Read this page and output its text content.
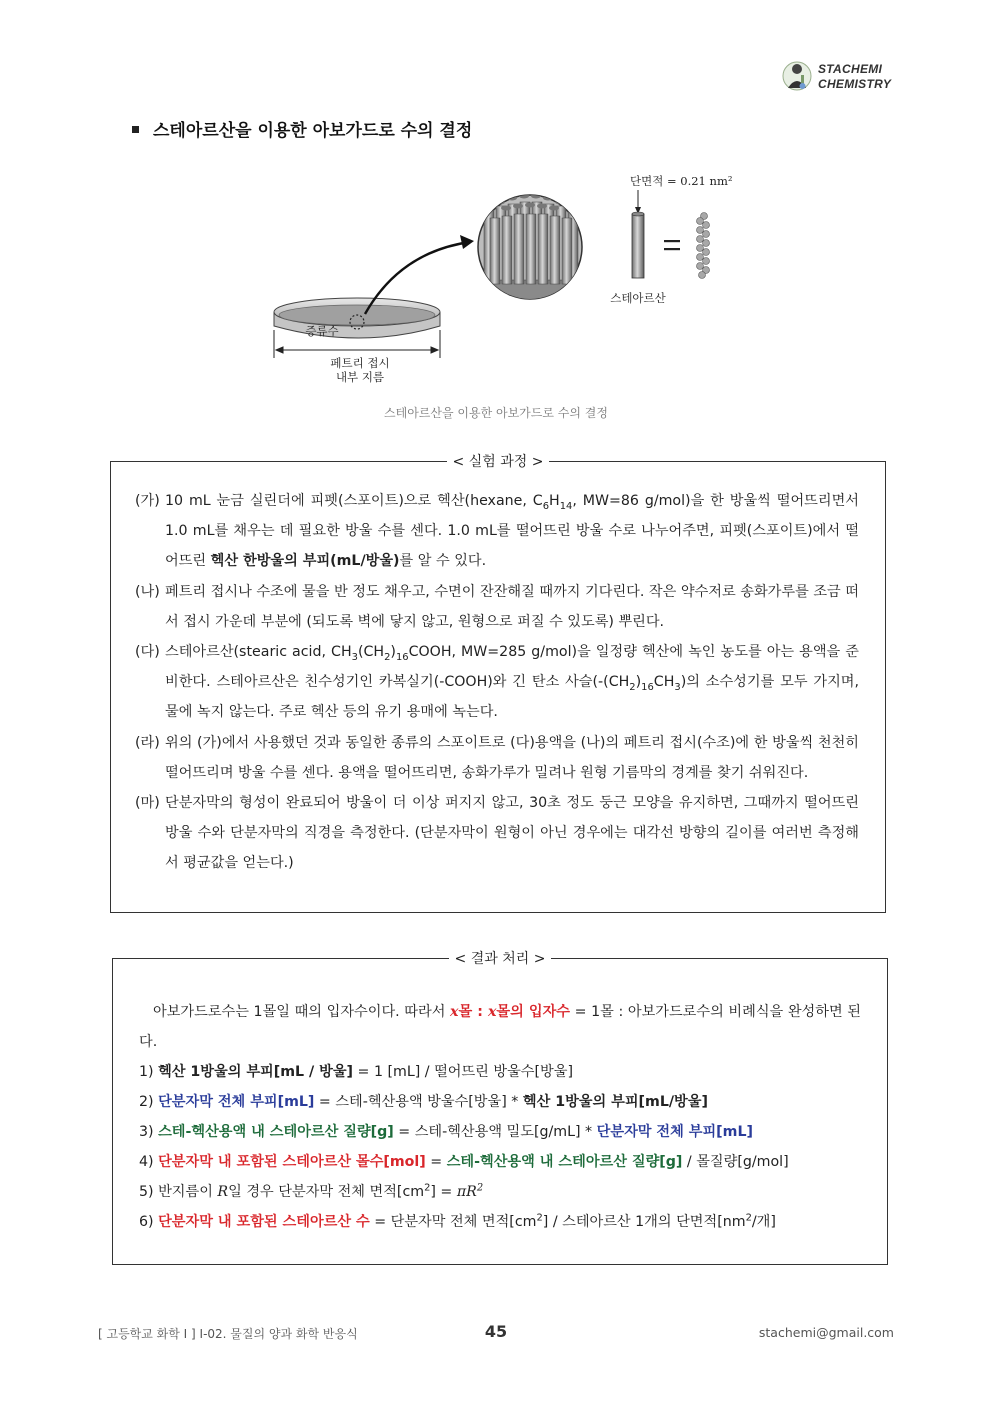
STACHEMI
CHEMISTRY
스테아르산을 이용한 아보가드로 수의 결정
단면적 = 0.21 nm²
스테아르산
증류수
페트리 접시
내부 지름
스테아르산을 이용한 아보가드로 수의 결정
< 실험 과정 >
(가) 10 mL 눈금 실린더에 피펫(스포이트)으로 헥산(hexane, $C_6H_{14}$, MW=86 g/mol)을 한 방울씩 떨어뜨리면서 1.0 mL를 채우는 데 필요한 방울 수를 센다. 1.0 mL를 떨어뜨린 방울 수로 나누어주면, 피펫(스포이트)에서 떨어뜨린 헥산 한방울의 부피(mL/방울)를 알 수 있다.
(나) 페트리 접시나 수조에 물을 반 정도 채우고, 수면이 잔잔해질 때까지 기다린다. 작은 약수저로 송화가루를 조금 떠서 접시 가운데 부분에 (되도록 벽에 닿지 않고, 원형으로 퍼질 수 있도록) 뿌린다.
(다) 스테아르산(stearic acid, $CH_3(CH_2)_{16}COOH$, MW=285 g/mol)을 일정량 헥산에 녹인 농도를 아는 용액을 준비한다. 스테아르산은 친수성기인 카복실기(-COOH)와 긴 탄소 사슬$(-(CH_2)_{16}CH_3)$의 소수성기를 모두 가지며, 물에 녹지 않는다. 주로 헥산 등의 유기 용매에 녹는다.
(라) 위의 (가)에서 사용했던 것과 동일한 종류의 스포이트로 (다)용액을 (나)의 페트리 접시(수조)에 한 방울씩 천천히 떨어뜨리며 방울 수를 센다. 용액을 떨어뜨리면, 송화가루가 밀려나 원형 기름막의 경계를 찾기 쉬워진다.
(마) 단분자막의 형성이 완료되어 방울이 더 이상 퍼지지 않고, 30초 정도 둥근 모양을 유지하면, 그때까지 떨어뜨린 방울 수와 단분자막의 직경을 측정한다. (단분자막이 원형이 아닌 경우에는 대각선 방향의 길이를 여러번 측정해서 평균값을 얻는다.)
< 결과 처리 >
아보가드로수는 1몰일 때의 입자수이다. 따라서 x몰 : x몰의 입자수 = 1몰 : 아보가드로수의 비례식을 완성하면 된다.
1) 헥산 1방울의 부피[mL / 방울] = 1 [mL] / 떨어뜨린 방울수[방울]
2) 단분자막 전체 부피[mL] = 스테-헥산용액 방울수[방울] * 헥산 1방울의 부피[mL/방울]
3) 스테-헥산용액 내 스테아르산 질량[g] = 스테-헥산용액 밀도[g/mL] * 단분자막 전체 부피[mL]
4) 단분자막 내 포함된 스테아르산 몰수[mol] = 스테-헥산용액 내 스테아르산 질량[g] / 몰질량[g/mol]
5) 반지름이 R일 경우 단분자막 전체 면적$[cm^2] = \pi R^2$
6) 단분자막 내 포함된 스테아르산 수 = 단분자막 전체 면적$[cm^2]$ / 스테아르산 1개의 단면적[$nm^2/$개]
[ 고등학교 화학 I ] I-02. 물질의 양과 화학 반응식	45	stachemi@gmail.com
